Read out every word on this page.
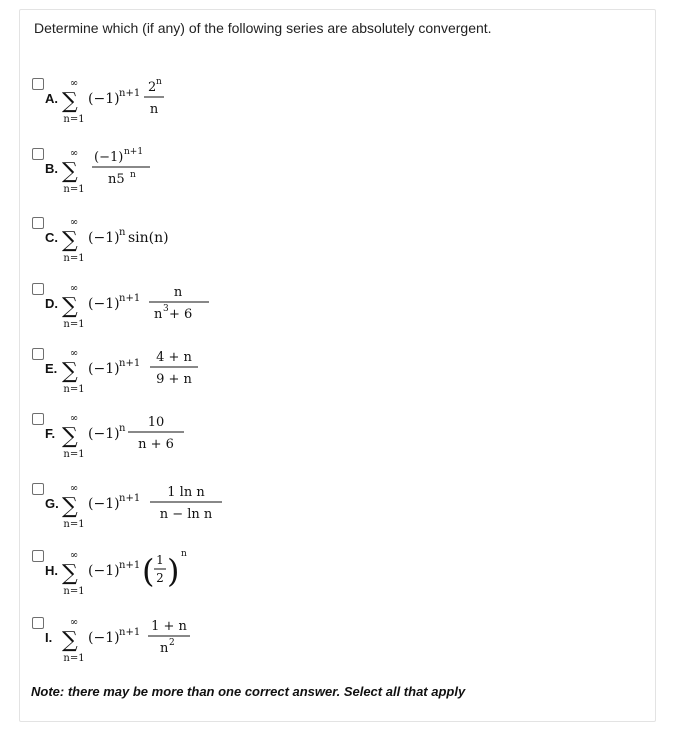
Determine which (if any) of the following series are absolutely convergent.
A.
∞
∑
n=1
(−1) n+1 2 n
n
B.
∞
∑
n=1
(−1) n+1
n5 n
C.
∞
∑
n=1
(−1) n sin(n)
D.
∞
∑
n=1
(−1) n+1	n
n 3 + 6
E.
∞
∑
n=1
(−1) n+1 4 + n
9 + n
F.
∞
∑
n=1
(−1) n 10
n + 6
G.
∞
∑
n=1
(−1) n+1 1 ln n
n − ln n
H.
∞
∑
n=1
(−1) n+1 ( 1
2 ) n
I.
∞
∑
n=1
(−1) n+1 1 + n
n 2
Note: there may be more than one correct answer. Select all that apply
